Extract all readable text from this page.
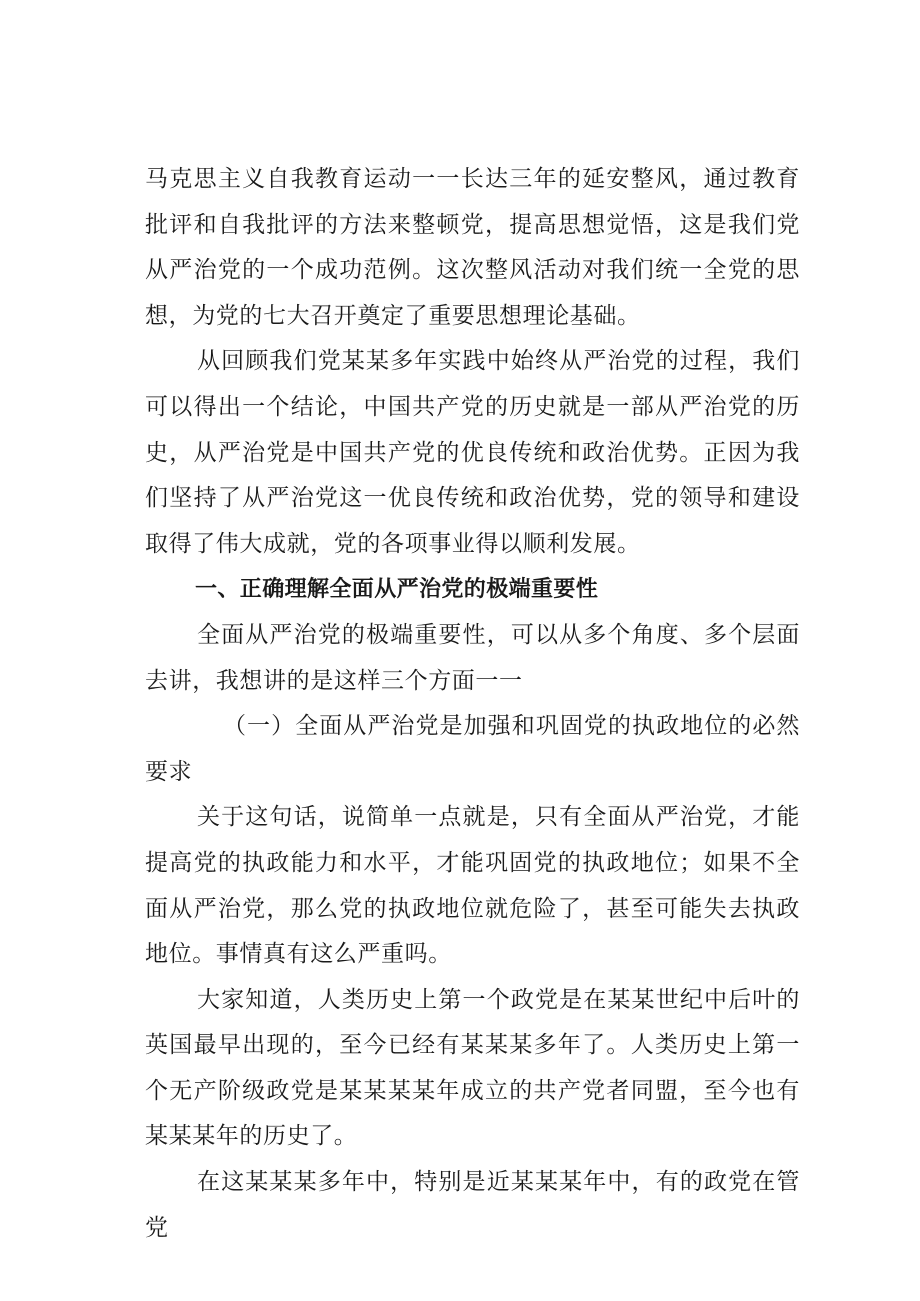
马克思主义自我教育运动一一长达三年的延安整风，通过教育批评和自我批评的方法来整顿党，提高思想觉悟，这是我们党从严治党的一个成功范例。这次整风活动对我们统一全党的思想，为党的七大召开奠定了重要思想理论基础。

从回顾我们党某某多年实践中始终从严治党的过程，我们可以得出一个结论，中国共产党的历史就是一部从严治党的历史，从严治党是中国共产党的优良传统和政治优势。正因为我们坚持了从严治党这一优良传统和政治优势，党的领导和建设取得了伟大成就，党的各项事业得以顺利发展。

一、正确理解全面从严治党的极端重要性

全面从严治党的极端重要性，可以从多个角度、多个层面去讲，我想讲的是这样三个方面一一

（一）全面从严治党是加强和巩固党的执政地位的必然要求

关于这句话，说简单一点就是，只有全面从严治党，才能提高党的执政能力和水平，才能巩固党的执政地位；如果不全面从严治党，那么党的执政地位就危险了，甚至可能失去执政地位。事情真有这么严重吗。

大家知道，人类历史上第一个政党是在某某世纪中后叶的英国最早出现的，至今已经有某某某多年了。人类历史上第一个无产阶级政党是某某某某年成立的共产党者同盟，至今也有某某某年的历史了。

在这某某某多年中，特别是近某某某年中，有的政党在管党
